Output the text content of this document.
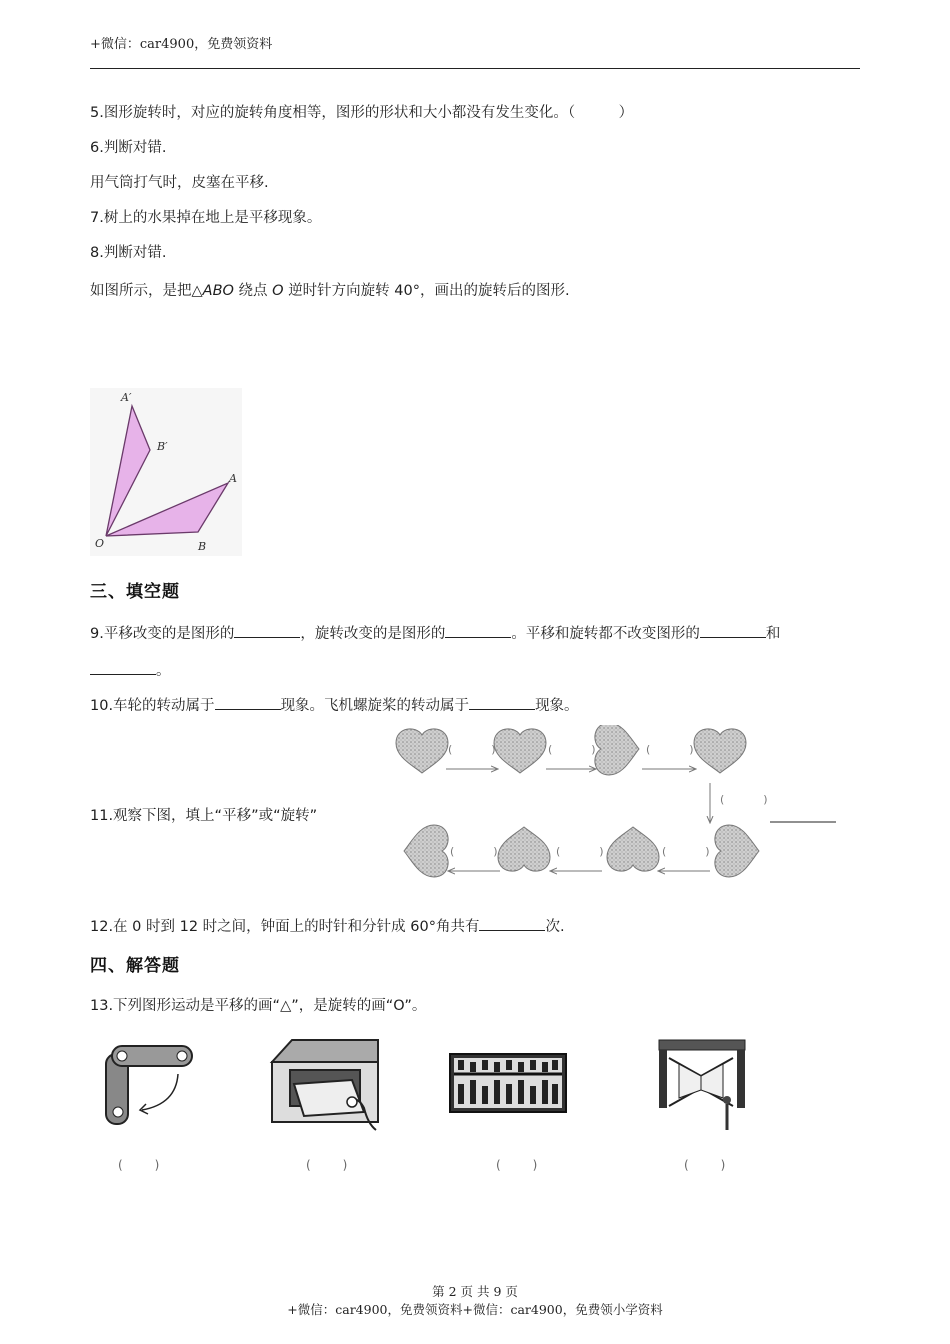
+微信：car4900，免费领资料
5.图形旋转时，对应的旋转角度相等，图形的形状和大小都没有发生变化。（　　　）
6.判断对错.
用气筒打气时，皮塞在平移.
7.树上的水果掉在地上是平移现象。
8.判断对错.
如图所示，是把△ABO 绕点 O 逆时针方向旋转 40°，画出的旋转后的图形.
A′
B′
A
B
O
三、填空题
9.平移改变的是图形的	，旋转改变的是图形的	。平移和旋转都不改变图形的	和
。
10.车轮的转动属于	现象。飞机螺旋桨的转动属于	现象。
11.观察下图，填上“平移”或“旋转”
(　)	(　)	(　)
(　)
(　)	(　)	(　)
12.在 0 时到 12 时之间，钟面上的时针和分针成 60°角共有	次.
四、解答题
13.下列图形运动是平移的画“△”，是旋转的画“O”。
(　)	(　)	(　)	(　)
第 2 页 共 9 页
+微信：car4900，免费领资料+微信：car4900，免费领小学资料
